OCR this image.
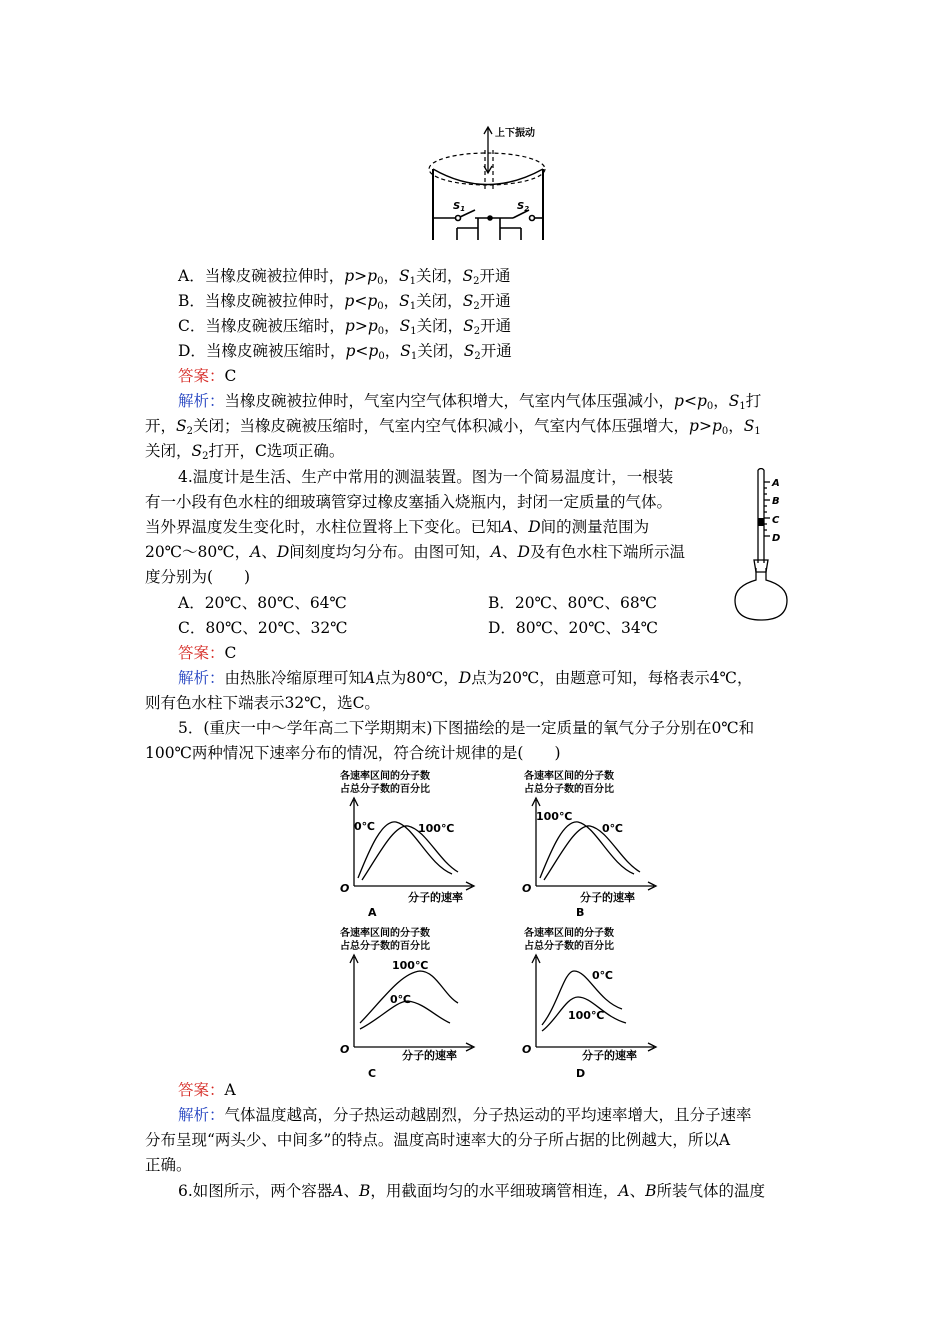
上下振动
$S_1$	$S_2$
A．当橡皮碗被拉伸时，$p>p_0$，$S_1$关闭，$S_2$开通
B．当橡皮碗被拉伸时，$p<p_0$，$S_1$关闭，$S_2$开通
C．当橡皮碗被压缩时，$p>p_0$，$S_1$关闭，$S_2$开通
D．当橡皮碗被压缩时，$p<p_0$，$S_1$关闭，$S_2$开通
答案：C
解析：当橡皮碗被拉伸时，气室内空气体积增大，气室内气体压强减小，$p<p_0$，$S_1$打
开，$S_2$关闭；当橡皮碗被压缩时，气室内空气体积减小，气室内气体压强增大，$p>p_0$，$S_1$
关闭，$S_2$打开，C选项正确。
4.温度计是生活、生产中常用的测温装置。图为一个简易温度计，一根装
有一小段有色水柱的细玻璃管穿过橡皮塞插入烧瓶内，封闭一定质量的气体。
当外界温度发生变化时，水柱位置将上下变化。已知A、D间的测量范围为
20℃～80℃，A、D间刻度均匀分布。由图可知，A、D及有色水柱下端所示温
度分别为(　　)
A．20℃、80℃、64℃	B．20℃、80℃、68℃
C．80℃、20℃、32℃	D．80℃、20℃、34℃
A
B
C
D
答案：C
解析：由热胀冷缩原理可知A点为80℃，D点为20℃，由题意可知，每格表示4℃，
则有色水柱下端表示32℃，选C。
5．(重庆一中～学年高二下学期期末)下图描绘的是一定质量的氧气分子分别在0℃和
100℃两种情况下速率分布的情况，符合统计规律的是(　　)
各速率区间的分子数
占总分子数的百分比
0℃	100℃
O
分子的速率
A
各速率区间的分子数
占总分子数的百分比
100℃
0℃
O
分子的速率
B
各速率区间的分子数
占总分子数的百分比
100℃
0℃
O	分子的速率
C
各速率区间的分子数
占总分子数的百分比
0℃
100℃
O	分子的速率
D
答案：A
解析：气体温度越高，分子热运动越剧烈，分子热运动的平均速率增大，且分子速率
分布呈现“两头少、中间多”的特点。温度高时速率大的分子所占据的比例越大，所以A
正确。
6.如图所示，两个容器A、B，用截面均匀的水平细玻璃管相连，A、B所装气体的温度
